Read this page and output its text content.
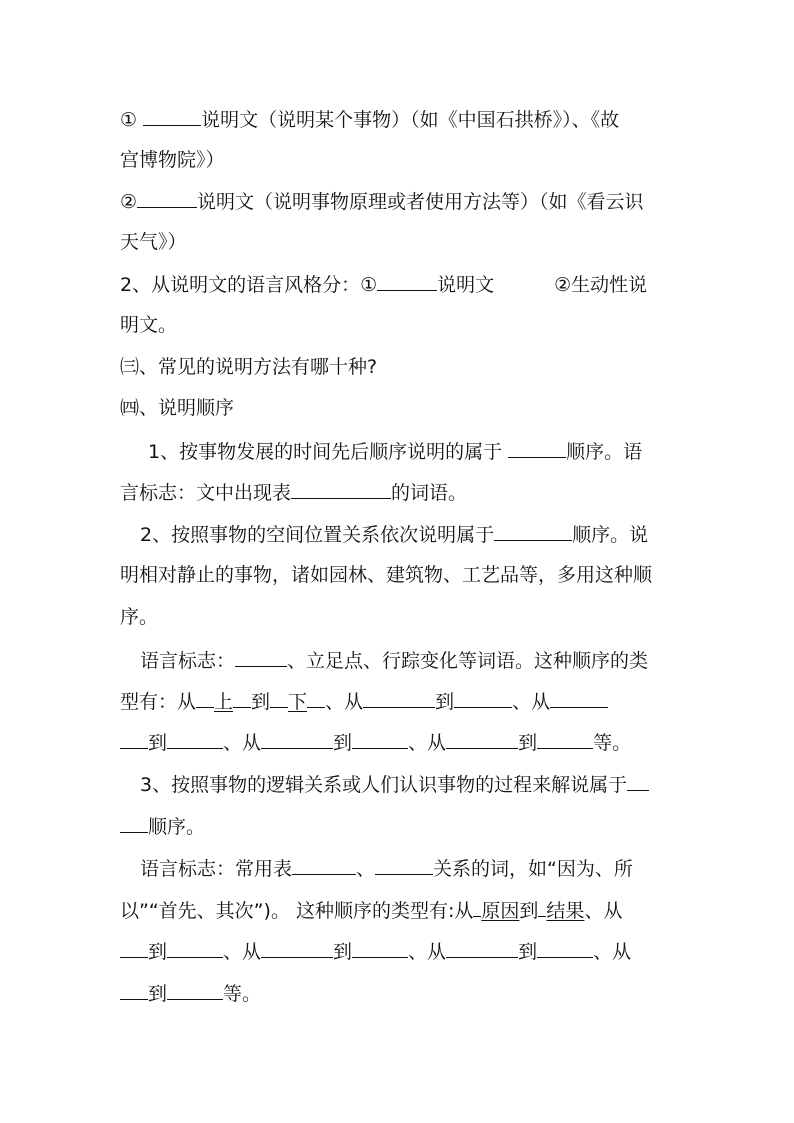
①	说明文（说明某个事物）（如《中国石拱桥》）、《故
宫博物院》）
②	说明文（说明事物原理或者使用方法等）（如《看云识
天气》）
2、从说明文的语言风格分：①	说明文	②生动性说
明文。
㈢、常见的说明方法有哪十种?
㈣、说明顺序
1、按事物发展的时间先后顺序说明的属于	顺序。语
言标志：文中出现表	的词语。
2、按照事物的空间位置关系依次说明属于	顺序。说
明相对静止的事物，诸如园林、建筑物、工艺品等，多用这种顺
序。
语言标志：	、立足点、行踪变化等词语。这种顺序的类
型有：从 上 到 下 、从	到	、从
到	、从	到	、从	到	等。
3、按照事物的逻辑关系或人们认识事物的过程来解说属于
顺序。
语言标志：常用表	、	关系的词，如“因为、所
以”“首先、其次”)。 这种顺序的类型有:从 原因到 结果、从
到	、从	到	、从	到	、从
到	等。
